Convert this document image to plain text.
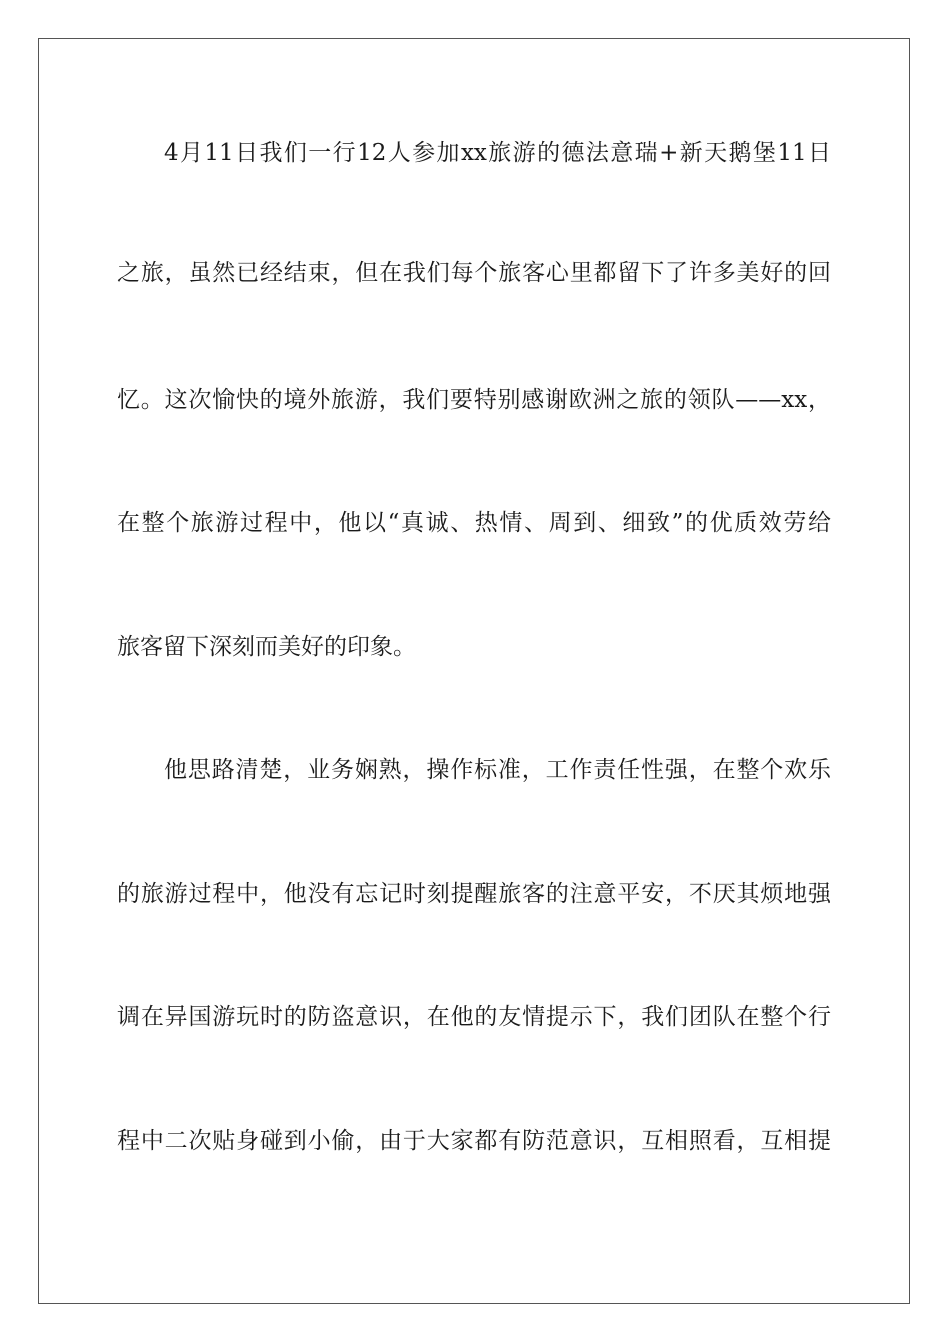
4月11日我们一行12人参加xx旅游的德法意瑞+新天鹅堡11日
之旅，虽然已经结束，但在我们每个旅客心里都留下了许多美好的回
忆。这次愉快的境外旅游，我们要特别感谢欧洲之旅的领队——xx，
在整个旅游过程中，他以“真诚、热情、周到、细致”的优质效劳给
旅客留下深刻而美好的印象。
他思路清楚，业务娴熟，操作标准，工作责任性强，在整个欢乐
的旅游过程中，他没有忘记时刻提醒旅客的注意平安，不厌其烦地强
调在异国游玩时的防盗意识，在他的友情提示下，我们团队在整个行
程中二次贴身碰到小偷，由于大家都有防范意识，互相照看，互相提
